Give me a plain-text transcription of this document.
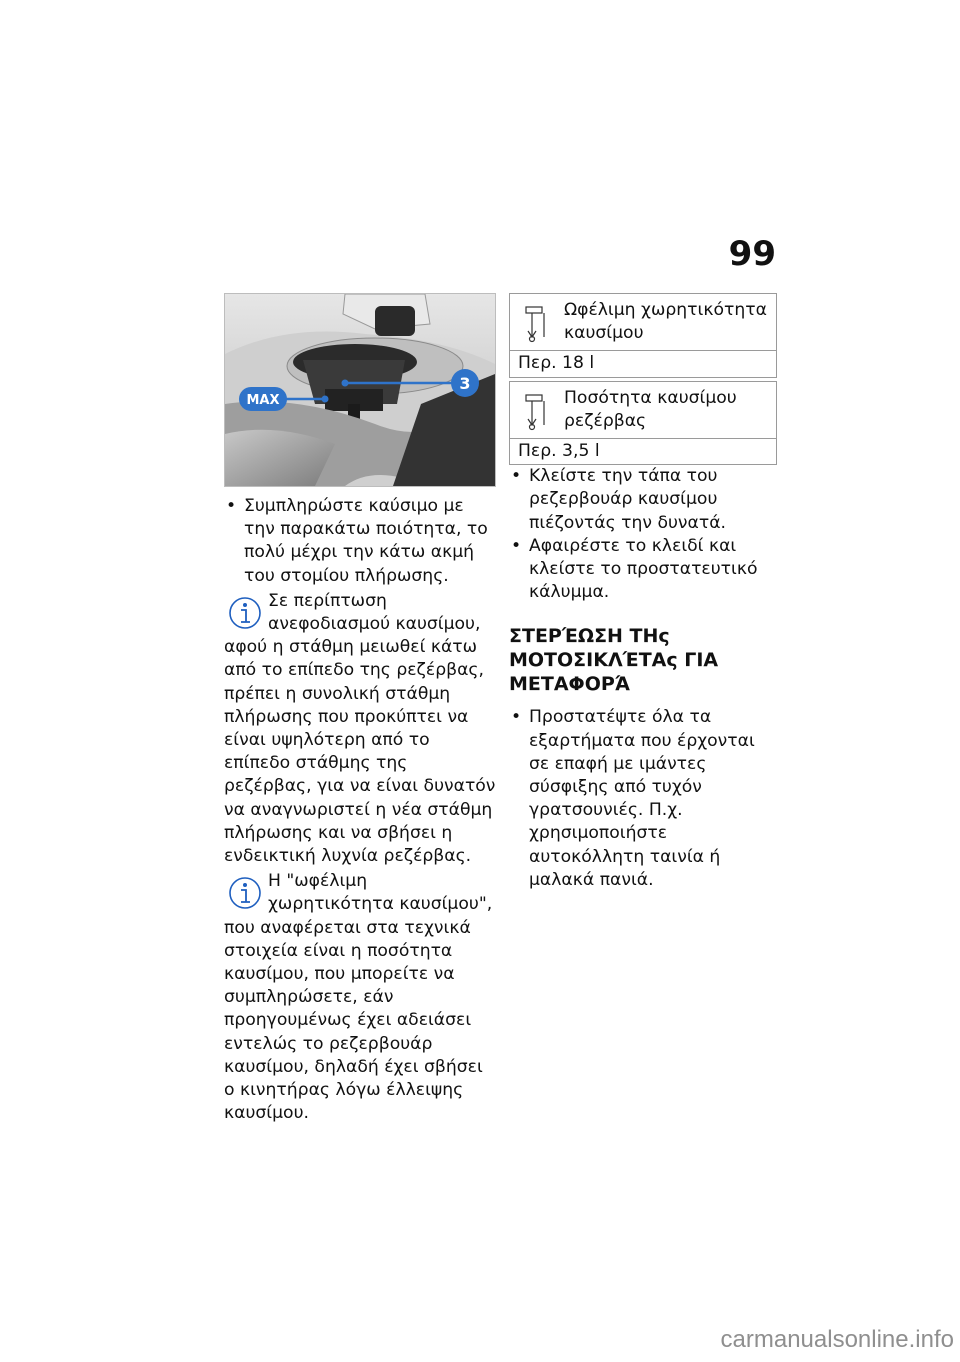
99
MAX
3

• Συμπληρώστε καύσιμο με την παρακάτω ποιότητα, το πολύ μέχρι την κάτω ακμή του στομίου πλήρωσης.

Σε περίπτωση ανεφοδιασμού καυσίμου, αφού η στάθμη μειωθεί κάτω από το επίπεδο της ρεζέρβας, πρέπει η συνολική στάθμη πλήρωσης που προκύπτει να είναι υψηλότερη από το επίπεδο στάθμης της ρεζέρβας, για να είναι δυνατόν να αναγνωριστεί η νέα στάθμη πλήρωσης και να σβήσει η ενδεικτική λυχνία ρεζέρβας.

Η "ωφέλιμη χωρητικότητα καυσίμου", που αναφέρεται στα τεχνικά στοιχεία είναι η ποσότητα καυσίμου, που μπορείτε να συμπληρώσετε, εάν προηγουμένως έχει αδειάσει εντελώς το ρεζερβουάρ καυσίμου, δηλαδή έχει σβήσει ο κινητήρας λόγω έλλειψης καυσίμου.

Ωφέλιμη χωρητικότητα καυσίμου
Περ. 18 l
Ποσότητα καυσίμου ρεζέρβας
Περ. 3,5 l

• Κλείστε την τάπα του ρεζερβουάρ καυσίμου πιέζοντάς την δυνατά.

• Αφαιρέστε το κλειδί και κλείστε το προστατευτικό κάλυμμα.

ΣΤΕΡΈΩΣΗ ΤΗς ΜΟΤΟΣΙΚΛΈΤΑς ΓΙΑ ΜΕΤΑΦΟΡΆ

• Προστατέψτε όλα τα εξαρτήματα που έρχονται σε επαφή με ιμάντες σύσφιξης από τυχόν γρατσουνιές. Π.χ. χρησιμοποιήστε αυτοκόλλητη ταινία ή μαλακά πανιά.

carmanualsonline.info
